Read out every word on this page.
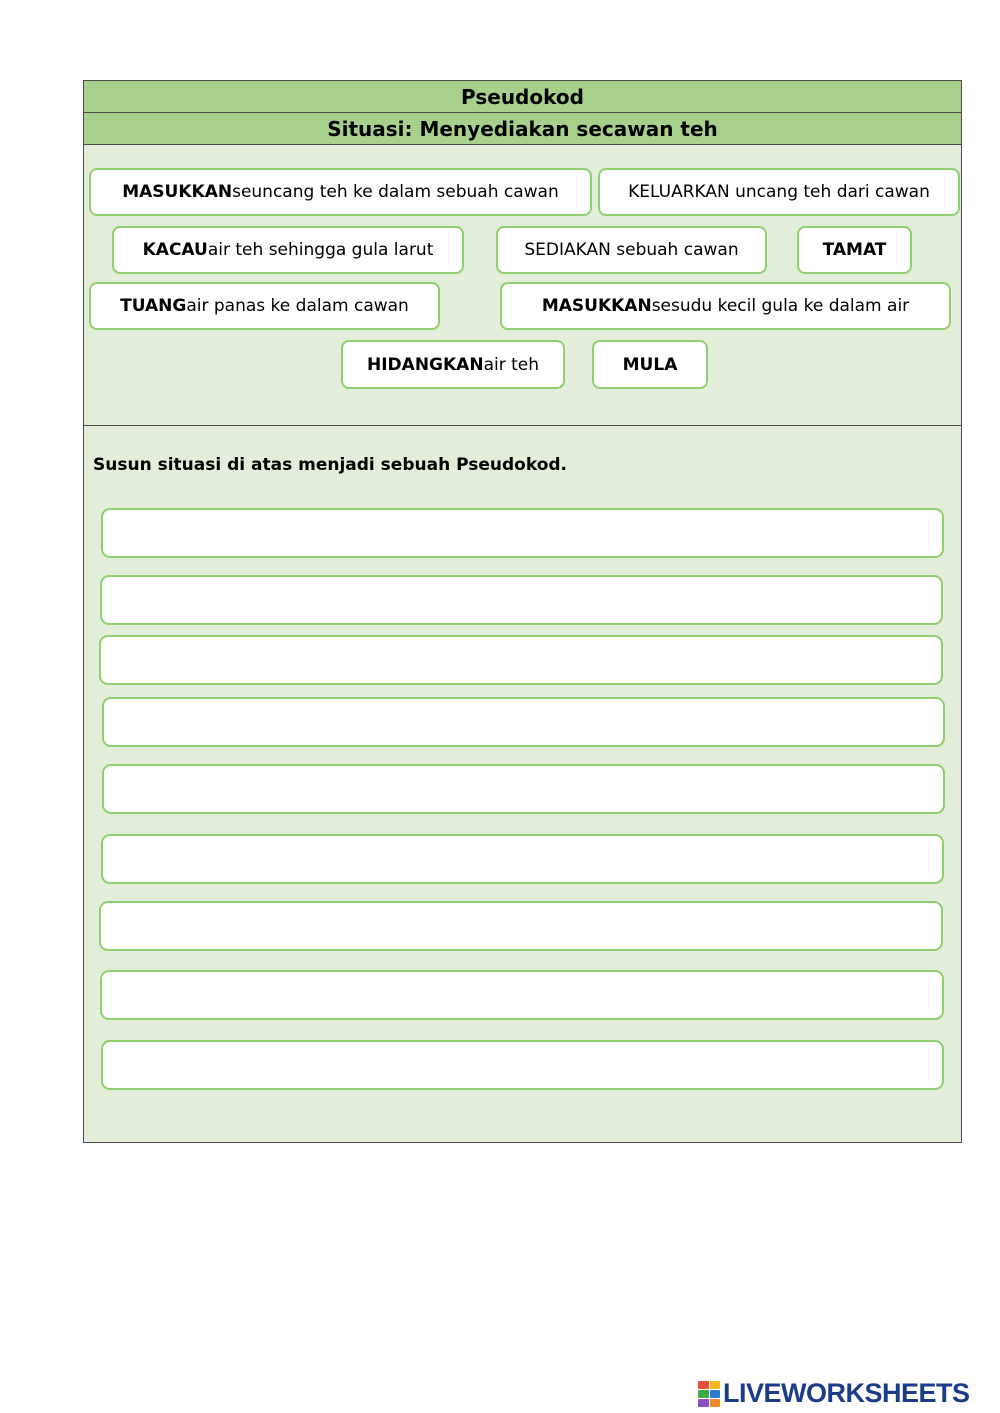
Pseudokod
Situasi: Menyediakan secawan teh
MASUKKAN seuncang teh ke dalam sebuah cawan	KELUARKAN uncang teh dari cawan
KACAU air teh sehingga gula larut	SEDIAKAN sebuah cawan	TAMAT
TUANG air panas ke dalam cawan	MASUKKAN sesudu kecil gula ke dalam air
HIDANGKAN air teh	MULA
Susun situasi di atas menjadi sebuah Pseudokod.
LIVEWORKSHEETS
